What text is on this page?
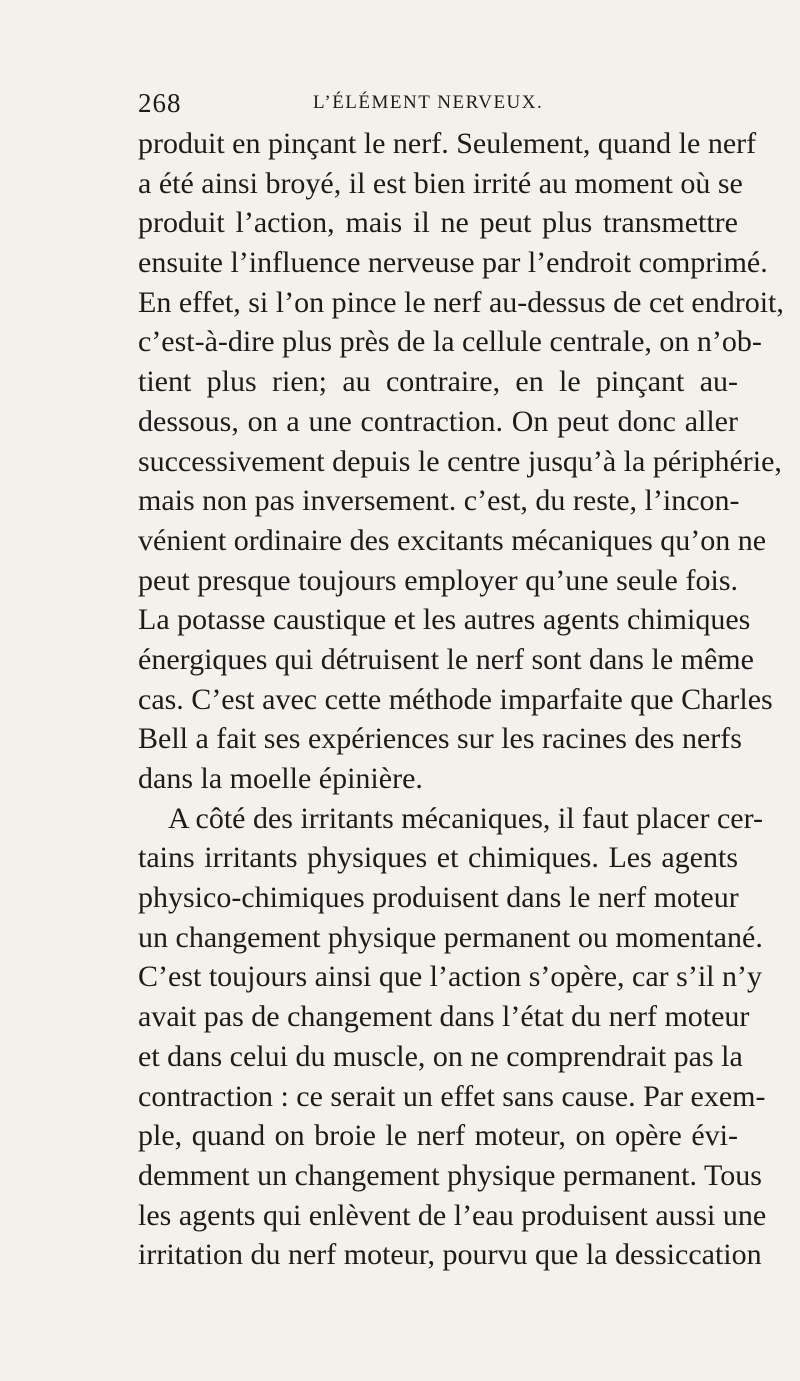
268	L’ÉLÉMENT NERVEUX.
produit en pinçant le nerf. Seulement, quand le nerf
a été ainsi broyé, il est bien irrité au moment où se
produit l’action, mais il ne peut plus transmettre
ensuite l’influence nerveuse par l’endroit comprimé.
En effet, si l’on pince le nerf au-dessus de cet endroit,
c’est-à-dire plus près de la cellule centrale, on n’ob-
tient plus rien; au contraire, en le pinçant au-
dessous, on a une contraction. On peut donc aller
successivement depuis le centre jusqu’à la périphérie,
mais non pas inversement. c’est, du reste, l’incon-
vénient ordinaire des excitants mécaniques qu’on ne
peut presque toujours employer qu’une seule fois.
La potasse caustique et les autres agents chimiques
énergiques qui détruisent le nerf sont dans le même
cas. C’est avec cette méthode imparfaite que Charles
Bell a fait ses expériences sur les racines des nerfs
dans la moelle épinière.
A côté des irritants mécaniques, il faut placer cer-
tains irritants physiques et chimiques. Les agents
physico-chimiques produisent dans le nerf moteur
un changement physique permanent ou momentané.
C’est toujours ainsi que l’action s’opère, car s’il n’y
avait pas de changement dans l’état du nerf moteur
et dans celui du muscle, on ne comprendrait pas la
contraction : ce serait un effet sans cause. Par exem-
ple, quand on broie le nerf moteur, on opère évi-
demment un changement physique permanent. Tous
les agents qui enlèvent de l’eau produisent aussi une
irritation du nerf moteur, pourvu que la dessiccation
